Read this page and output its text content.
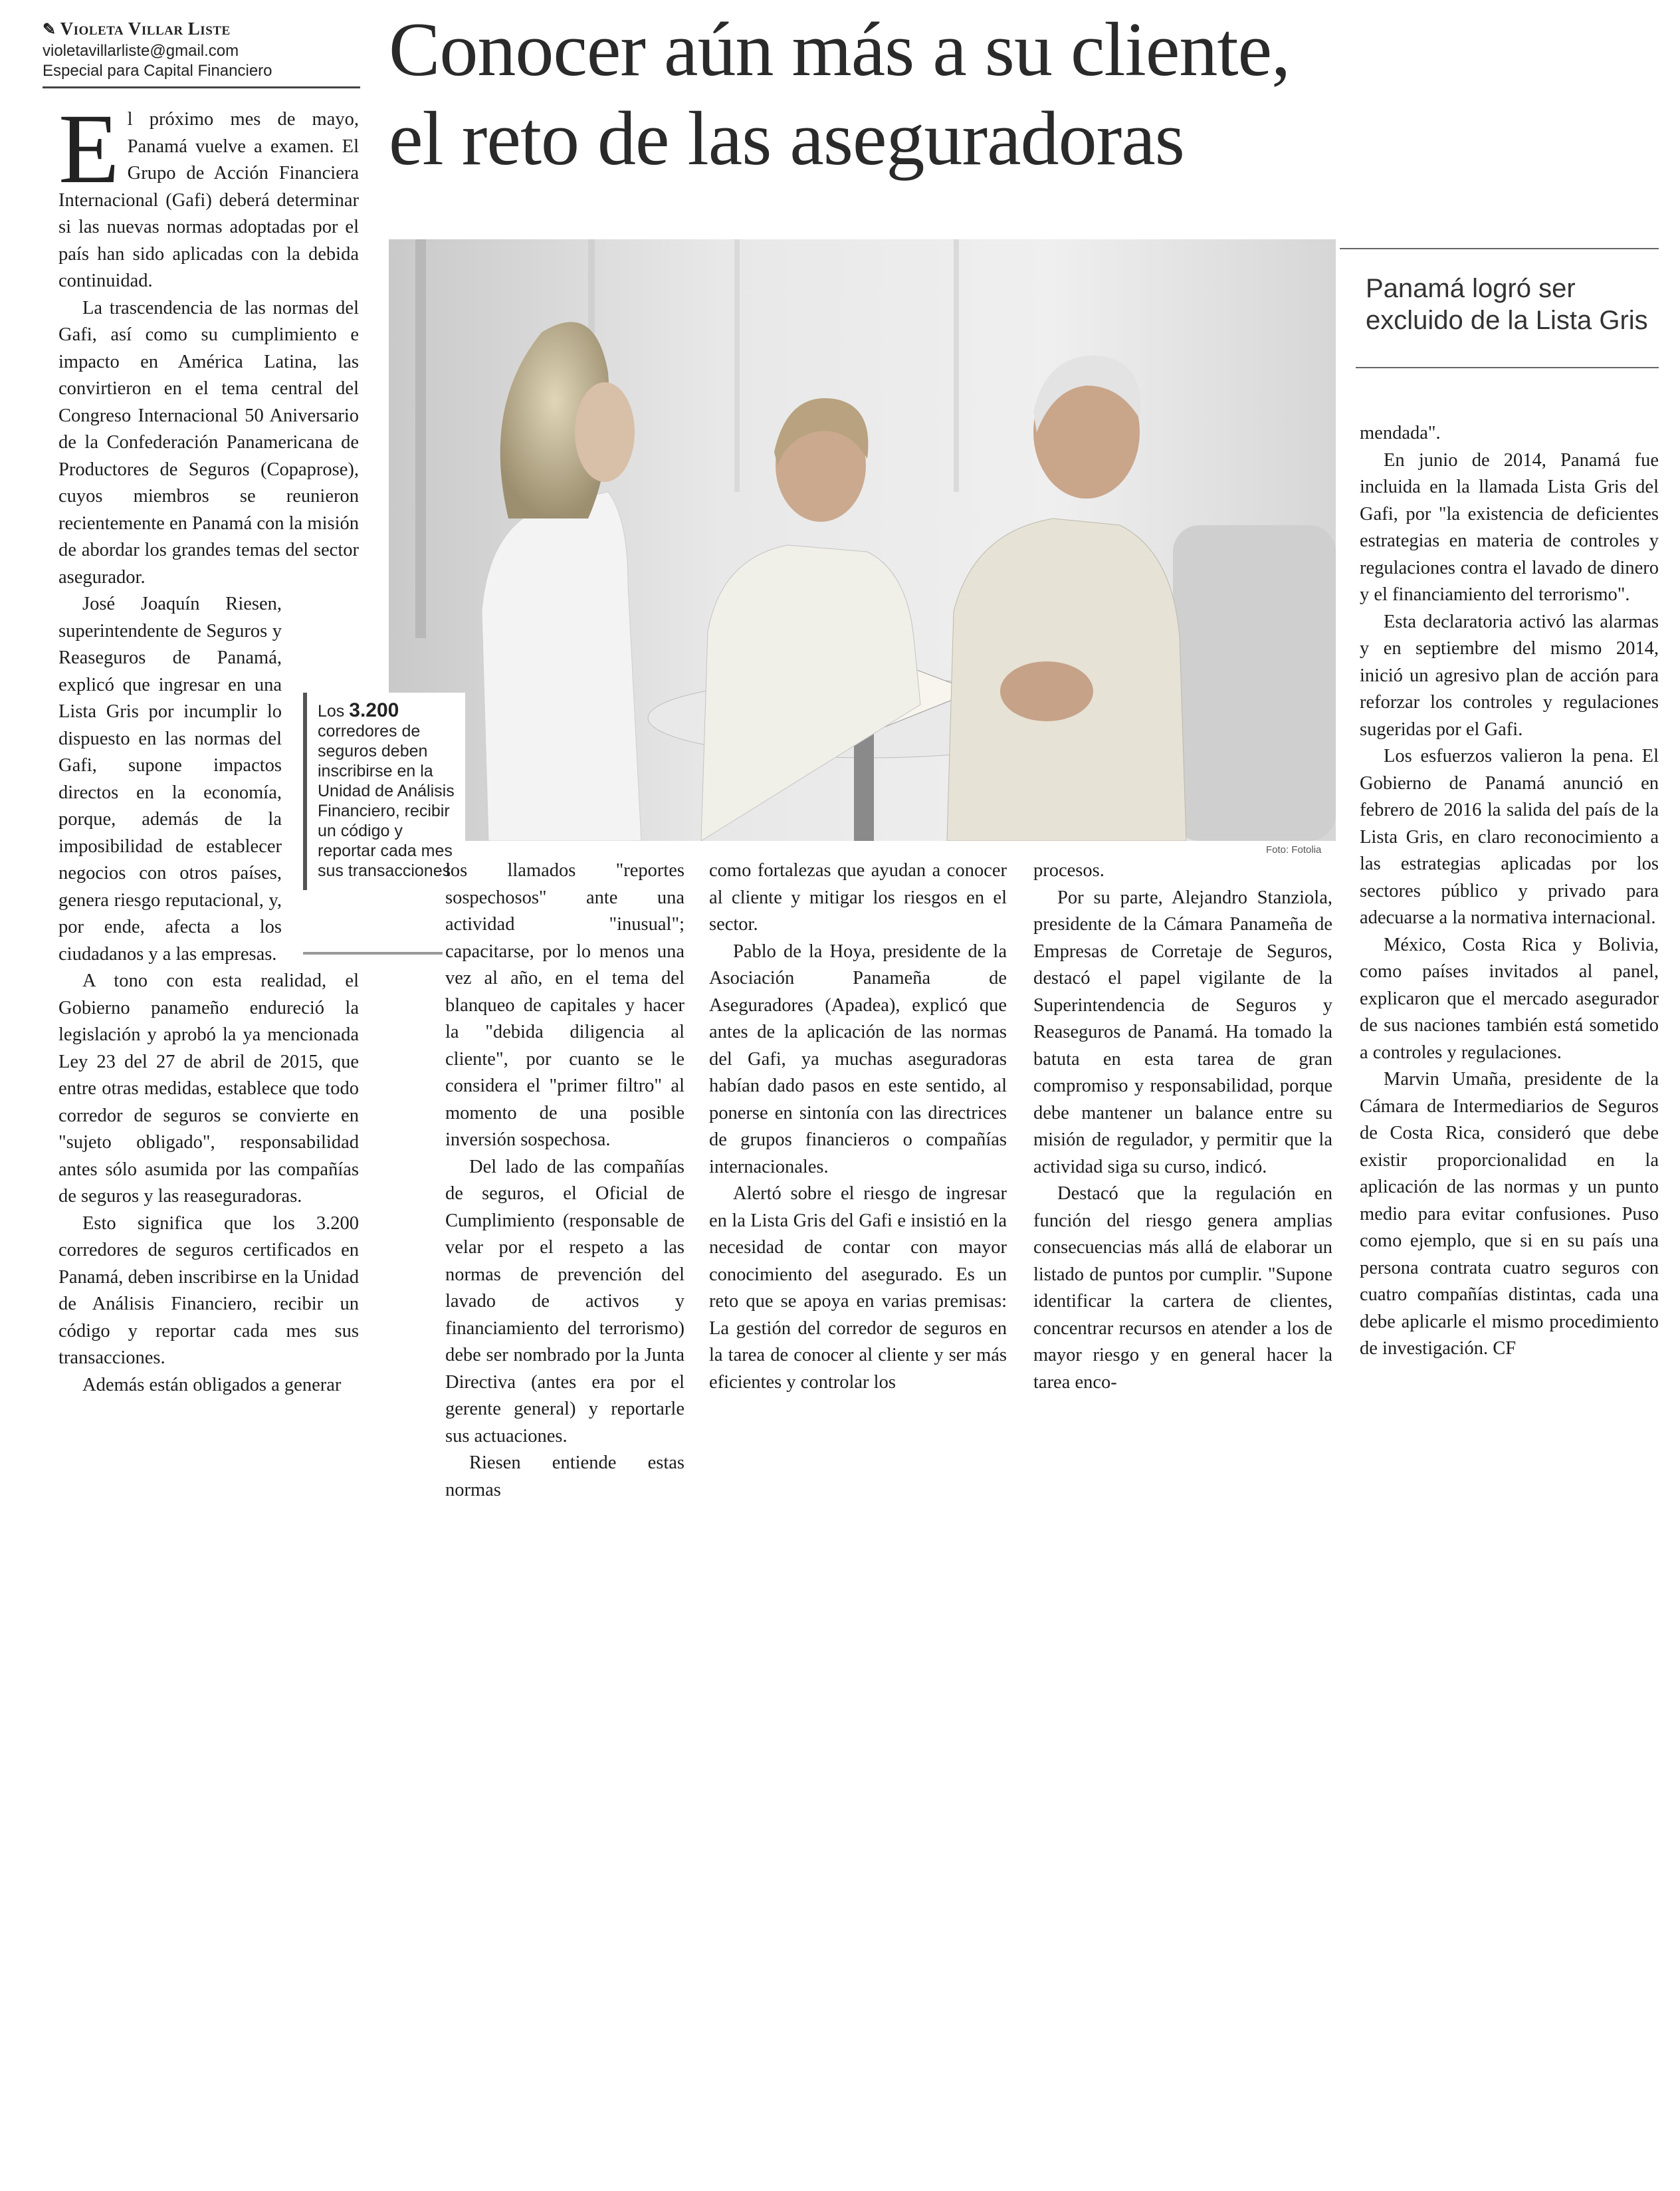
✎ Violeta Villar Liste
violetavillarliste@gmail.com
Especial para Capital Financiero	Conocer aún más a su cliente,
el reto de las aseguradoras
Panamá logró ser
excluido de la Lista Gris
Foto: Fotolia

El próximo mes de mayo, Panamá vuelve a examen. El Grupo de Acción Financiera Internacional (Gafi) deberá determinar si las nuevas normas adoptadas por el país han sido aplicadas con la debida continuidad.

La trascendencia de las normas del Gafi, así como su cumplimiento e impacto en América Latina, las convirtieron en el tema central del Congreso Internacional 50 Aniversario de la Confederación Panamericana de Productores de Seguros (Copaprose), cuyos miembros se reunieron recientemente en Panamá con la misión de abordar los grandes temas del sector asegurador.

José Joaquín Riesen, superintendente de Seguros y Reaseguros de Panamá, explicó que ingresar en una Lista Gris por incumplir lo dispuesto en las normas del Gafi, supone impactos directos en la economía, porque, además de la imposibilidad de establecer negocios con otros países, genera riesgo reputacional, y, por ende, afecta a los ciudadanos y a las empresas.

A tono con esta realidad, el Gobierno panameño endureció la legislación y aprobó la ya mencionada Ley 23 del 27 de abril de 2015, que entre otras medidas, establece que todo corredor de seguros se convierte en "sujeto obligado", responsabilidad antes sólo asumida por las compañías de seguros y las reaseguradoras.

Esto significa que los 3.200 corredores de seguros certificados en Panamá, deben inscribirse en la Unidad de Análisis Financiero, recibir un código y reportar cada mes sus transacciones.

Además están obligados a generar

Los 3.200 corredores de seguros deben inscribirse en la Unidad de Análisis Financiero, recibir un código y reportar cada mes sus transacciones

los llamados "reportes sospechosos" ante una actividad "inusual"; capacitarse, por lo menos una vez al año, en el tema del blanqueo de capitales y hacer la "debida diligencia al cliente", por cuanto se le considera el "primer filtro" al momento de una posible inversión sospechosa.

Del lado de las compañías de seguros, el Oficial de Cumplimiento (responsable de velar por el respeto a las normas de prevención del lavado de activos y financiamiento del terrorismo) debe ser nombrado por la Junta Directiva (antes era por el gerente general) y reportarle sus actuaciones.

Riesen entiende estas normas

como fortalezas que ayudan a conocer al cliente y mitigar los riesgos en el sector.

Pablo de la Hoya, presidente de la Asociación Panameña de Aseguradores (Apadea), explicó que antes de la aplicación de las normas del Gafi, ya muchas aseguradoras habían dado pasos en este sentido, al ponerse en sintonía con las directrices de grupos financieros o compañías internacionales.

Alertó sobre el riesgo de ingresar en la Lista Gris del Gafi e insistió en la necesidad de contar con mayor conocimiento del asegurado. Es un reto que se apoya en varias premisas: La gestión del corredor de seguros en la tarea de conocer al cliente y ser más eficientes y controlar los

procesos.

Por su parte, Alejandro Stanziola, presidente de la Cámara Panameña de Empresas de Corretaje de Seguros, destacó el papel vigilante de la Superintendencia de Seguros y Reaseguros de Panamá. Ha tomado la batuta en esta tarea de gran compromiso y responsabilidad, porque debe mantener un balance entre su misión de regulador, y permitir que la actividad siga su curso, indicó.

Destacó que la regulación en función del riesgo genera amplias consecuencias más allá de elaborar un listado de puntos por cumplir. "Supone identificar la cartera de clientes, concentrar recursos en atender a los de mayor riesgo y en general hacer la tarea enco-

mendada".

En junio de 2014, Panamá fue incluida en la llamada Lista Gris del Gafi, por "la existencia de deficientes estrategias en materia de controles y regulaciones contra el lavado de dinero y el financiamiento del terrorismo".

Esta declaratoria activó las alarmas y en septiembre del mismo 2014, inició un agresivo plan de acción para reforzar los controles y regulaciones sugeridas por el Gafi.

Los esfuerzos valieron la pena. El Gobierno de Panamá anunció en febrero de 2016 la salida del país de la Lista Gris, en claro reconocimiento a las estrategias aplicadas por los sectores público y privado para adecuarse a la normativa internacional.

México, Costa Rica y Bolivia, como países invitados al panel, explicaron que el mercado asegurador de sus naciones también está sometido a controles y regulaciones.

Marvin Umaña, presidente de la Cámara de Intermediarios de Seguros de Costa Rica, consideró que debe existir proporcionalidad en la aplicación de las normas y un punto medio para evitar confusiones. Puso como ejemplo, que si en su país una persona contrata cuatro seguros con cuatro compañías distintas, cada una debe aplicarle el mismo procedimiento de investigación. CF
